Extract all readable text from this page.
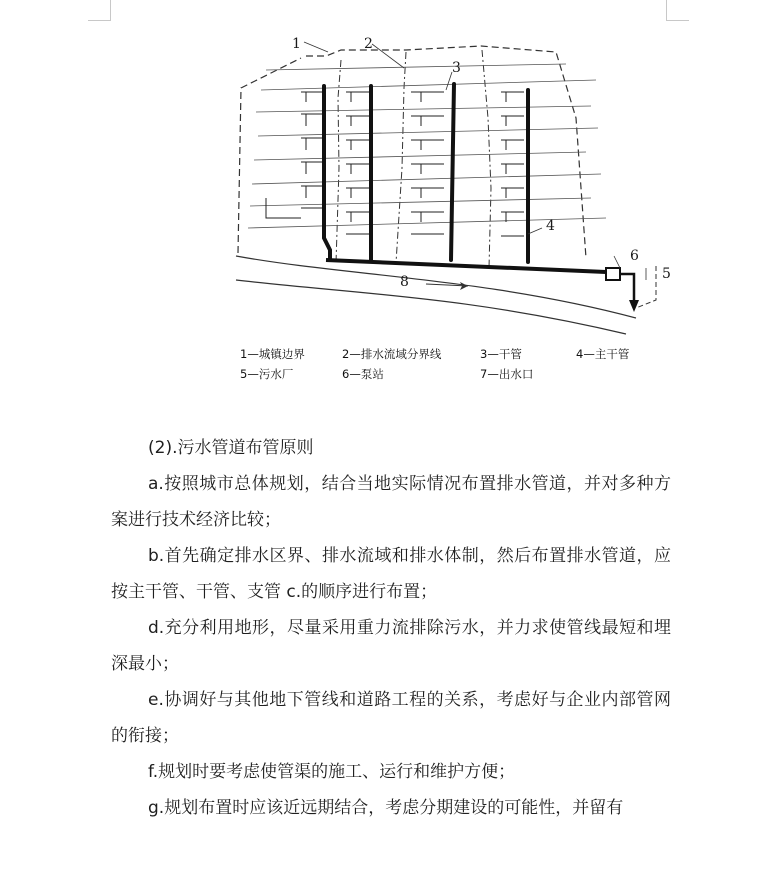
1	2
3
4
5
6
8
1—城镇边界	2—排水流域分界线	3—干管	4—主干管
5—污水厂	6—泵站	7—出水口

(2).污水管道布管原则

a.按照城市总体规划，结合当地实际情况布置排水管道，并对多种方案进行技术经济比较；

b.首先确定排水区界、排水流域和排水体制，然后布置排水管道，应按主干管、干管、支管 c.的顺序进行布置；

d.充分利用地形，尽量采用重力流排除污水，并力求使管线最短和埋深最小；

e.协调好与其他地下管线和道路工程的关系，考虑好与企业内部管网的衔接；

f.规划时要考虑使管渠的施工、运行和维护方便；

g.规划布置时应该近远期结合，考虑分期建设的可能性，并留有
